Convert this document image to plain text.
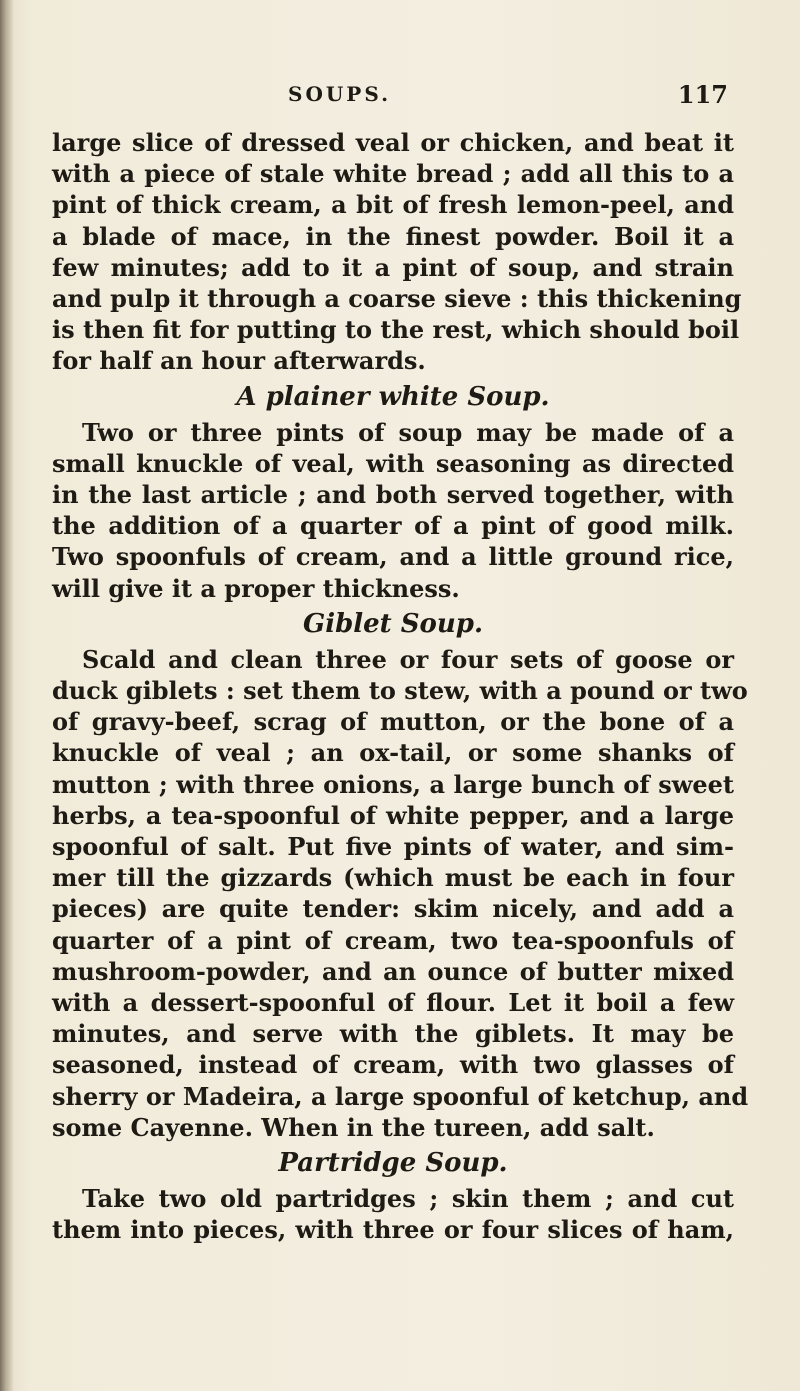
SOUPS.	117
large slice of dressed veal or chicken, and beat it
with a piece of stale white bread ; add all this to a
pint of thick cream, a bit of fresh lemon-peel, and
a blade of mace, in the finest powder. Boil it a
few minutes; add to it a pint of soup, and strain
and pulp it through a coarse sieve : this thickening
is then fit for putting to the rest, which should boil
for half an hour afterwards.
A plainer white Soup.
Two or three pints of soup may be made of a
small knuckle of veal, with seasoning as directed
in the last article ; and both served together, with
the addition of a quarter of a pint of good milk.
Two spoonfuls of cream, and a little ground rice,
will give it a proper thickness.
Giblet Soup.
Scald and clean three or four sets of goose or
duck giblets : set them to stew, with a pound or two
of gravy-beef, scrag of mutton, or the bone of a
knuckle of veal ; an ox-tail, or some shanks of
mutton ; with three onions, a large bunch of sweet
herbs, a tea-spoonful of white pepper, and a large
spoonful of salt. Put five pints of water, and sim-
mer till the gizzards (which must be each in four
pieces) are quite tender: skim nicely, and add a
quarter of a pint of cream, two tea-spoonfuls of
mushroom-powder, and an ounce of butter mixed
with a dessert-spoonful of flour. Let it boil a few
minutes, and serve with the giblets. It may be
seasoned, instead of cream, with two glasses of
sherry or Madeira, a large spoonful of ketchup, and
some Cayenne. When in the tureen, add salt.
Partridge Soup.
Take two old partridges ; skin them ; and cut
them into pieces, with three or four slices of ham,
